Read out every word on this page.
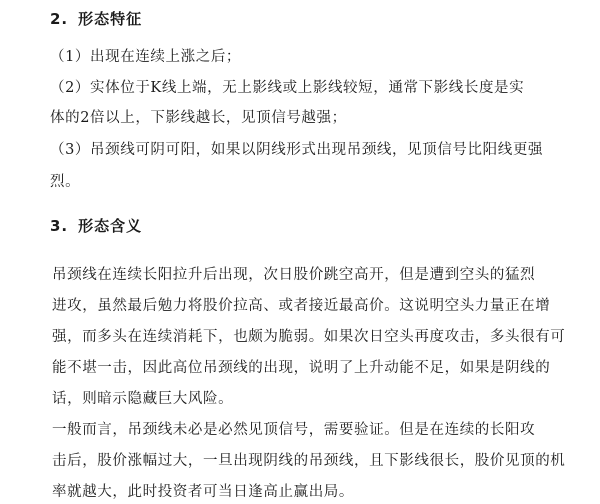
2. 形态特征
（1）出现在连续上涨之后；
（2）实体位于K线上端，无上影线或上影线较短，通常下影线长度是实
体的2倍以上，下影线越长，见顶信号越强；
（3）吊颈线可阴可阳，如果以阴线形式出现吊颈线，见顶信号比阳线更强
烈。
3. 形态含义
吊颈线在连续长阳拉升后出现，次日股价跳空高开，但是遭到空头的猛烈
进攻，虽然最后勉力将股价拉高、或者接近最高价。这说明空头力量正在增
强，而多头在连续消耗下，也颇为脆弱。如果次日空头再度攻击，多头很有可
能不堪一击，因此高位吊颈线的出现，说明了上升动能不足，如果是阴线的
话，则暗示隐藏巨大风险。
一般而言，吊颈线未必是必然见顶信号，需要验证。但是在连续的长阳攻
击后，股价涨幅过大，一旦出现阴线的吊颈线，且下影线很长，股价见顶的机
率就越大，此时投资者可当日逢高止赢出局。
